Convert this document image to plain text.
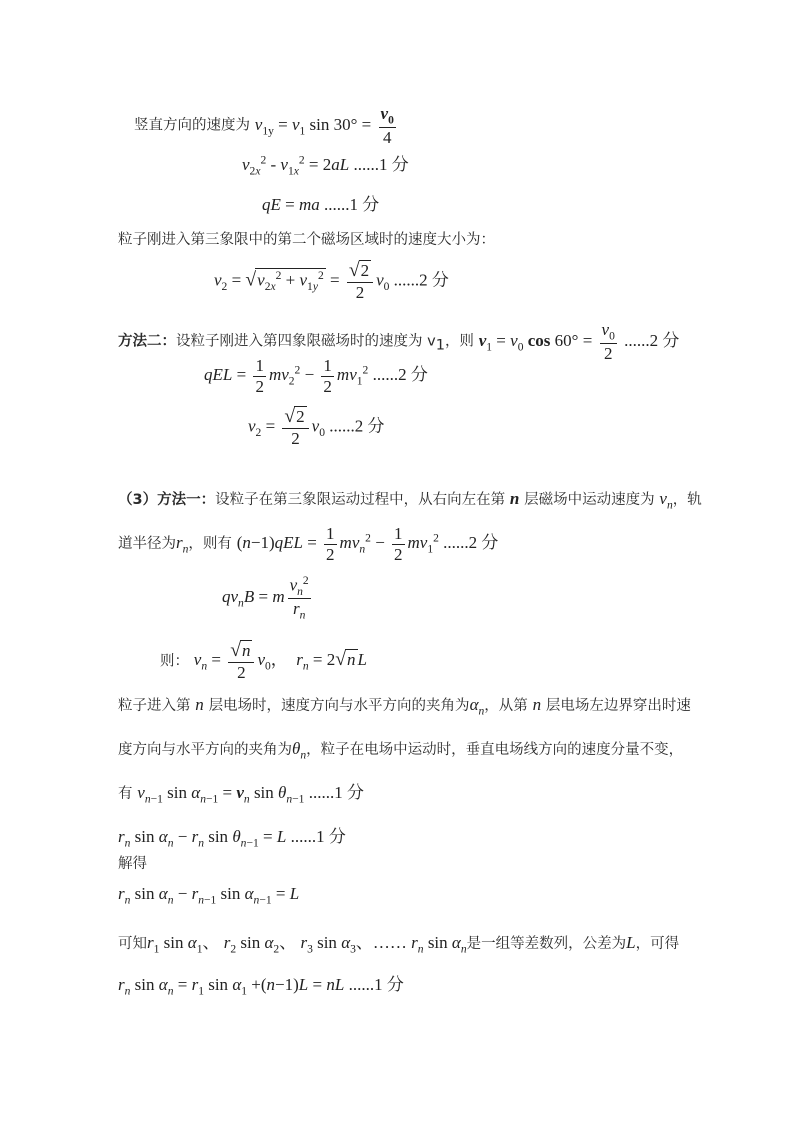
竖直方向的速度为 $v_{1y} = v_1$ $\sin 30^\circ = \frac{v_0}{4}$
$v_{2x}^2 - v_{1x}^2 = 2aL$ ......1 分
qE = ma ......1 分
粒子刚进入第三象限中的第二个磁场区域时的速度大小为：
$v_2 = √v_{2x}^2 + v_{1y}^2 = \frac{√2}{2} v_0$ ......2 分
方法二：设粒子刚进入第四象限磁场时的速度为 $v_1$，则 $v_1 = v_0$ $\cos 60^\circ = \frac{v_0}{2} ......2$ 分
qEL = $\frac{1}{2} mv_2^2 - \frac{1}{2} mv_1^2$ ......2 分
$v_2 = \frac{√2}{2} v_0$ ......2 分
（3）方法一：设粒子在第三象限运动过程中，从右向左在第 n 层磁场中运动速度为 $v_n$，轨
道半径为$r_n$，则有 $(n-1)qEL = \frac{1}{2} mv_n^2 - \frac{1}{2} mv_1^2$ ......2 分
$qv_nB = m \frac{v_n^2}{r_n}$
则： $v_n = \frac{√n}{2} v_0$，  $r_n = 2√n$ L
粒子进入第 n 层电场时，速度方向与水平方向的夹角为$\alpha_n$，从第 n 层电场左边界穿出时速
度方向与水平方向的夹角为$\theta_n$，粒子在电场中运动时，垂直电场线方向的速度分量不变，
有 $v_{n-1}$ $\sin \alpha_{n-1} = v_n$ $\sin \theta_{n-1}$ ......1 分
$r_n$ $\sin \alpha_n - r_n$ $\sin \theta_{n-1} = L$ ......1 分
解得
$r_n$ $\sin \alpha_n - r_{n-1}$ $\sin \alpha_{n-1} = L$
可知$r_1$ $\sin \alpha_1$、 $r_2$ $\sin \alpha_2$、 $r_3$ $\sin \alpha_3$、…… $r_n$ $\sin \alpha_n$是一组等差数列，公差为L，可得
$r_n$ $\sin \alpha_n = r_1$ $\sin \alpha_1 +(n-1)L$ = nL ......1 分
